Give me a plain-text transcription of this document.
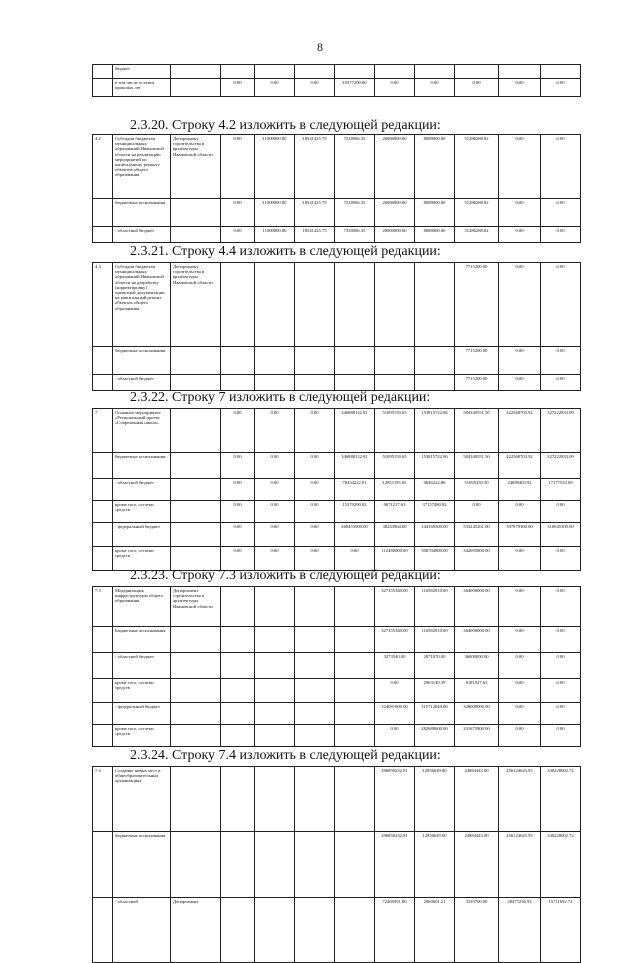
8
	бюджет										
	в том числе остатки прошлых лет		0.00	0.00	0.00	10377200.00	0.00	0.00	0.00	0.00	0.00
2.3.20. Строку 4.2 изложить в следующей редакции:
4.2	Субсидии бюджетам муниципальных образований Ивановской области на реализацию мероприятий по капитальному ремонту объектов общего образования	Департамент строительства и архитектуры Ивановской области	0.00	11000000.00	18541425.75	7318066.35	20000000.00	8088000.00	51286288.82	0.00	0.00
	бюджетные ассигнования		0.00	11000000.00	18541425.75	7318066.35	20000000.00	8088000.00	51286288.82	0.00	0.00
	- областной бюджет		0.00	11000000.00	18541425.75	7318066.35	20000000.00	8088000.00	51286288.82	0.00	0.00
2.3.21. Строку 4.4 изложить в следующей редакции:
4.4	Субсидии бюджетам муниципальных образований Ивановской области на разработку (корректировку) проектной документации на капитальный ремонт объектов общего образования	Департамент строительства и архитектуры Ивановской области							7715200.00	0.00	0.00
	бюджетные ассигнования								7715200.00	0.00	0.00
	- областной бюджет								7715200.00	0.00	0.00
2.3.22. Строку 7 изложить в следующей редакции:
7	Основное мероприятие «Региональный проект «Современная школа»		0.00	0.00	0.00	346888122.81	51095159.65	153815722.86	584340551.50	422568703.92	327222833.09
	бюджетные ассигнования		0.00	0.00	0.00	346888122.81	51095159.65	153815722.86	584340551.50	422568703.92	327222833.09
	- областной бюджет		0.00	0.00	0.00	78434222.81	12851195.65	9646222.86	51095350.50	24689403.92	17177533.09
	кроме того, остатки средств		0.00	0.00	0.00	15370290.02	9671217.63	37157480.82	0.00	0.00	0.00
	- федеральный бюджет		0.00	0.00	0.00	268453900.00	38243964.00	144169500.00	533245201.00	397879300.00	310045300.00
	кроме того, остатки средств		0.00	0.00	0.00	0.00	112480000.00	506704800.00	342695800.00	0.00	0.00
2.3.23. Строку 7.3 изложить в следующей редакции:
7.3	Модернизация инфраструктуры общего образования	Департамент строительства и архитектуры Ивановской области					327355340.00	118582910.00	364000000.00	0.00	0.00
	Бюджетные ассигнования						327355340.00	118582910.00	364000000.00	0.00	0.00
	- областной бюджет						3273540.00	2871070.00	36000000.00	0.00	0.00
	кроме того, остатки средств						0.00	2963149.39	6181927.63	0.00	0.00
	- федеральный бюджет						324081800.00	115712840.00	328000000.00	0.00	0.00
	кроме того, остатки средств						0.00	282688600.00	231675800.00	0.00	0.00
2.3.24. Строку 7.4 изложить в следующей редакции:
7.4	Создание новых мест в общеобразовательных организациях						296850232.81	12856649.00	24884443.00	456124643.93	330228002.72	
	бюджетные ассигнования						296850232.81	12856649.00	24884443.00	456124643.93	330228002.72	
	- областной	Департамент					72469491.80	2960601.21	3339700.00	28477256.93	15711692.72	
